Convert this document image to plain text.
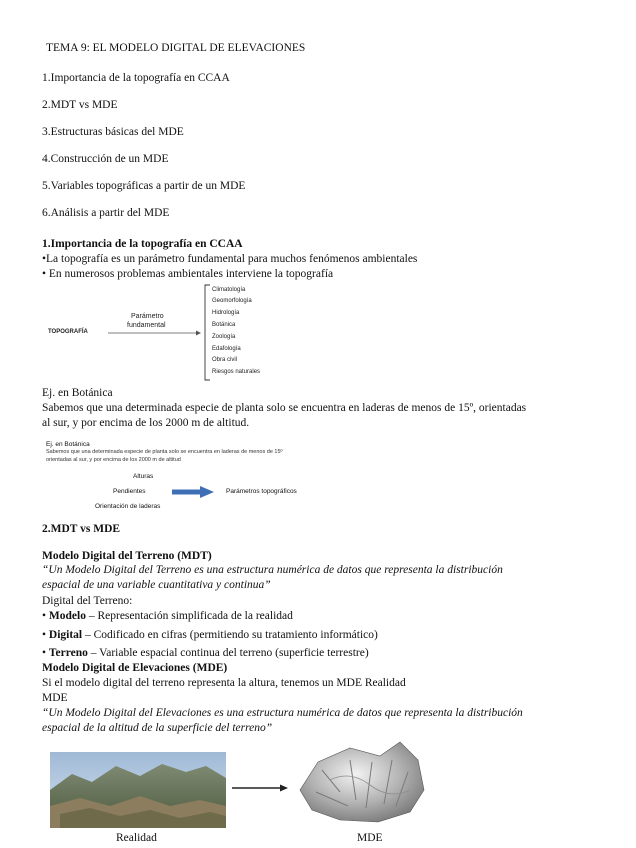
TEMA 9: EL MODELO DIGITAL DE ELEVACIONES
1.Importancia de la topografía en CCAA
2.MDT vs MDE
3.Estructuras básicas del MDE
4.Construcción de un MDE
5.Variables topográficas a partir de un MDE
6.Análisis a partir del MDE
1.Importancia de la topografía en CCAA
•La topografía es un parámetro fundamental para muchos fenómenos ambientales
• En numerosos problemas ambientales interviene la topografía
TOPOGRAFÍA
Parámetro
fundamental
Climatología
Geomorfología
Hidrología
Botánica
Zoología
Edafología
Obra civil
Riesgos naturales
Ej. en Botánica
Sabemos que una determinada especie de planta solo se encuentra en laderas de menos de 15º, orientadas
al sur, y por encima de los 2000 m de altitud.
Ej. en Botánica
Sabemos que una determinada especie de planta solo se encuentra en laderas de menos de 15º
orientadas al sur, y por encima de los 2000 m de altitud
Alturas
Pendientes
Orientación de laderas
Parámetros topográficos
2.MDT vs MDE
Modelo Digital del Terreno (MDT)
“Un Modelo Digital del Terreno es una estructura numérica de datos que representa la distribución
espacial de una variable cuantitativa y continua”
Digital del Terreno:
• Modelo – Representación simplificada de la realidad
• Digital – Codificado en cifras (permitiendo su tratamiento informático)
• Terreno – Variable espacial continua del terreno (superficie terrestre)
Modelo Digital de Elevaciones (MDE)
Si el modelo digital del terreno representa la altura, tenemos un MDE Realidad
MDE
“Un Modelo Digital del Elevaciones es una estructura numérica de datos que representa la distribución
espacial de la altitud de la superficie del terreno”
Realidad	MDE
